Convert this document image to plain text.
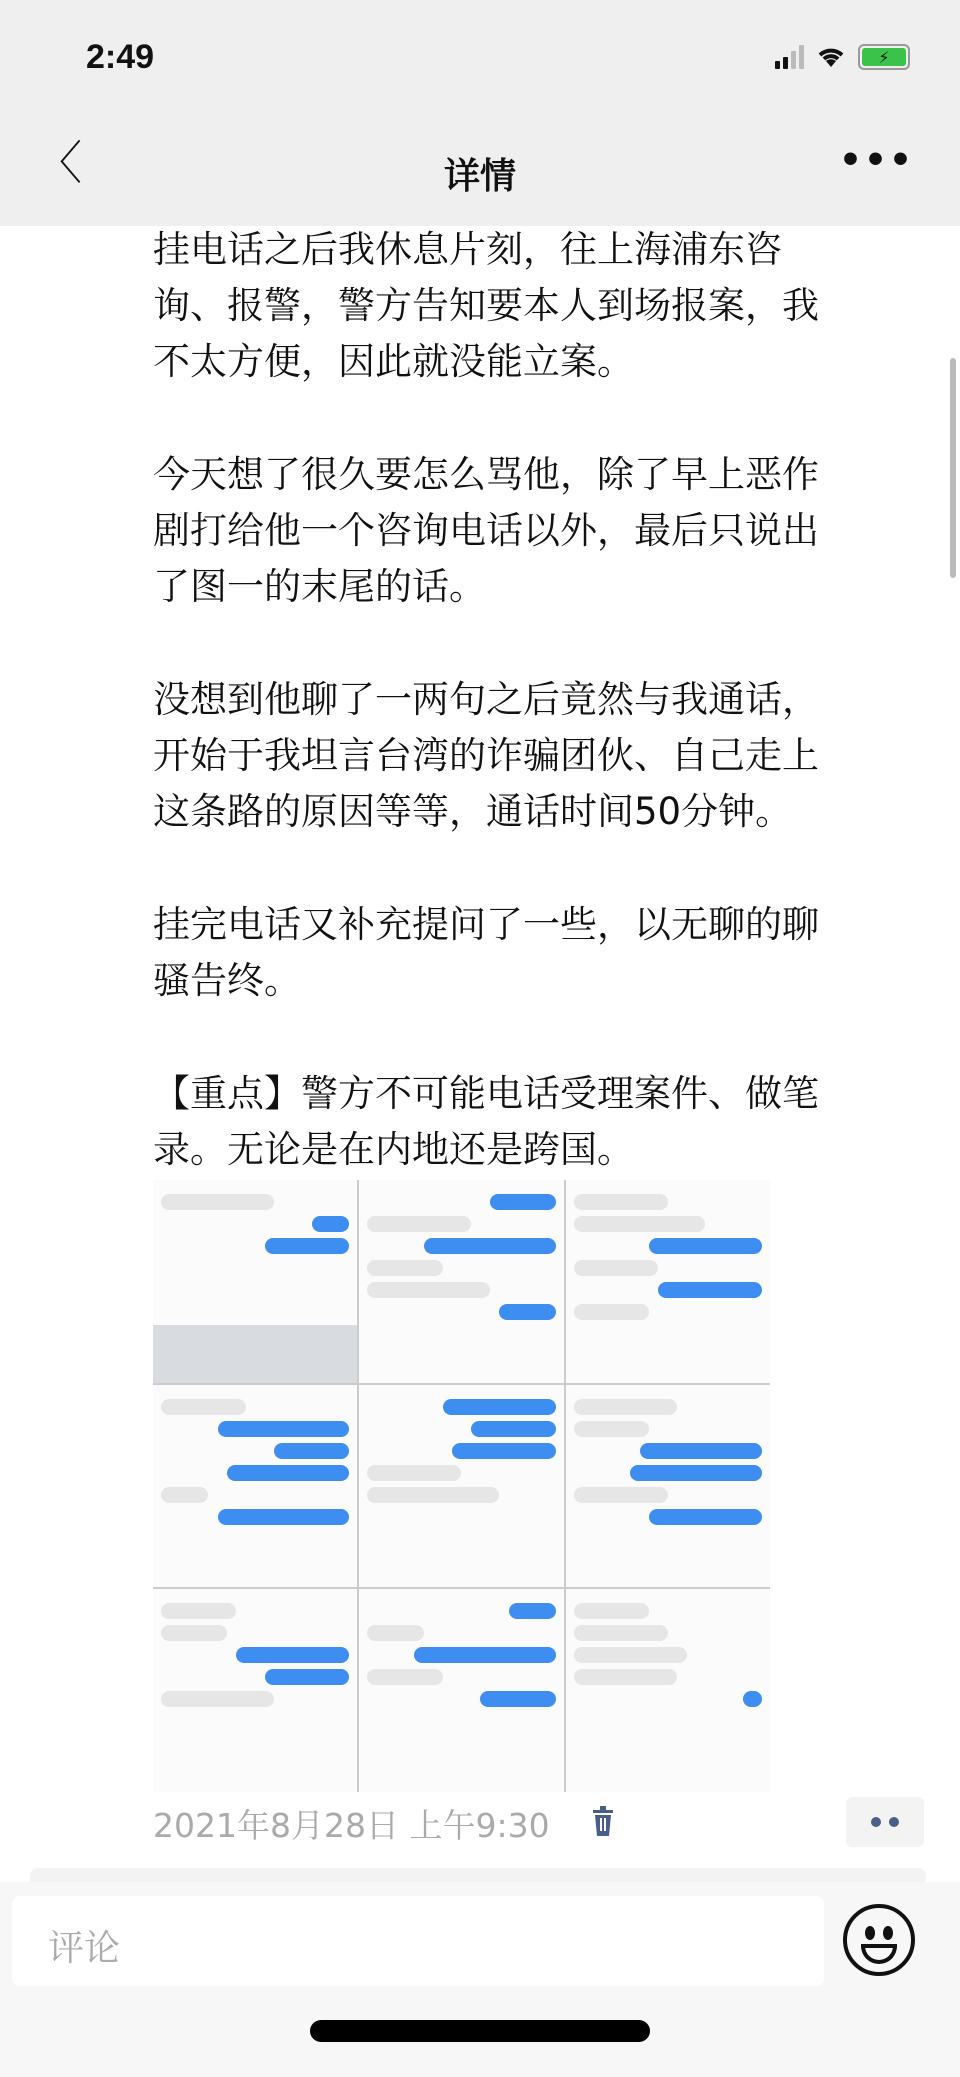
2:49	⚡
〈	详情	•••

挂电话之后我休息片刻，往上海浦东咨
询、报警，警方告知要本人到场报案，我
不太方便，因此就没能立案。

今天想了很久要怎么骂他，除了早上恶作
剧打给他一个咨询电话以外，最后只说出
了图一的末尾的话。

没想到他聊了一两句之后竟然与我通话，
开始于我坦言台湾的诈骗团伙、自己走上
这条路的原因等等，通话时间50分钟。

挂完电话又补充提问了一些，以无聊的聊
骚告终。

【重点】警方不可能电话受理案件、做笔
录。无论是在内地还是跨国。

2021年8月28日 上午9:30
评论
